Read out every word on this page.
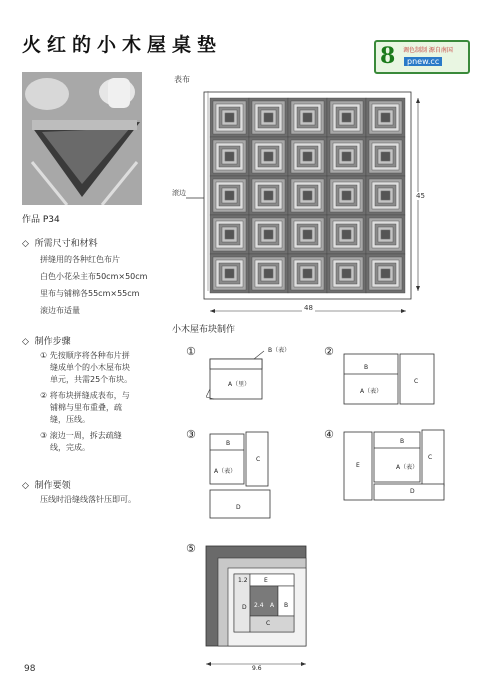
火红的小木屋桌垫	8 调色制制 源自南国
pnew.cc
作品 P34
◇  所需尺寸和材料
拼缝用的各种红色布片
白色小花朵主布50cm×50cm
里布与铺棉各55cm×55cm
滚边布适量
◇  制作步骤
① 先按顺序将各种布片拼
缝成单个的小木屋布块
单元，共需25个布块。
② 将布块拼缝成表布，与
铺棉与里布重叠，疏
缝，压线。
③ 滚边一周，拆去疏缝
线，完成。
◇  制作要领
压线时沿缝线落针压即可。
表布
滚边
48
45
小木屋布块制作
①	B（表）
A（里）
②
B
A（表）
C
③
B
A（表）
C
D
④
E
B
A（表）
C
D
⑤
1.2	E
D 2.4 A B
C
9.6
98
